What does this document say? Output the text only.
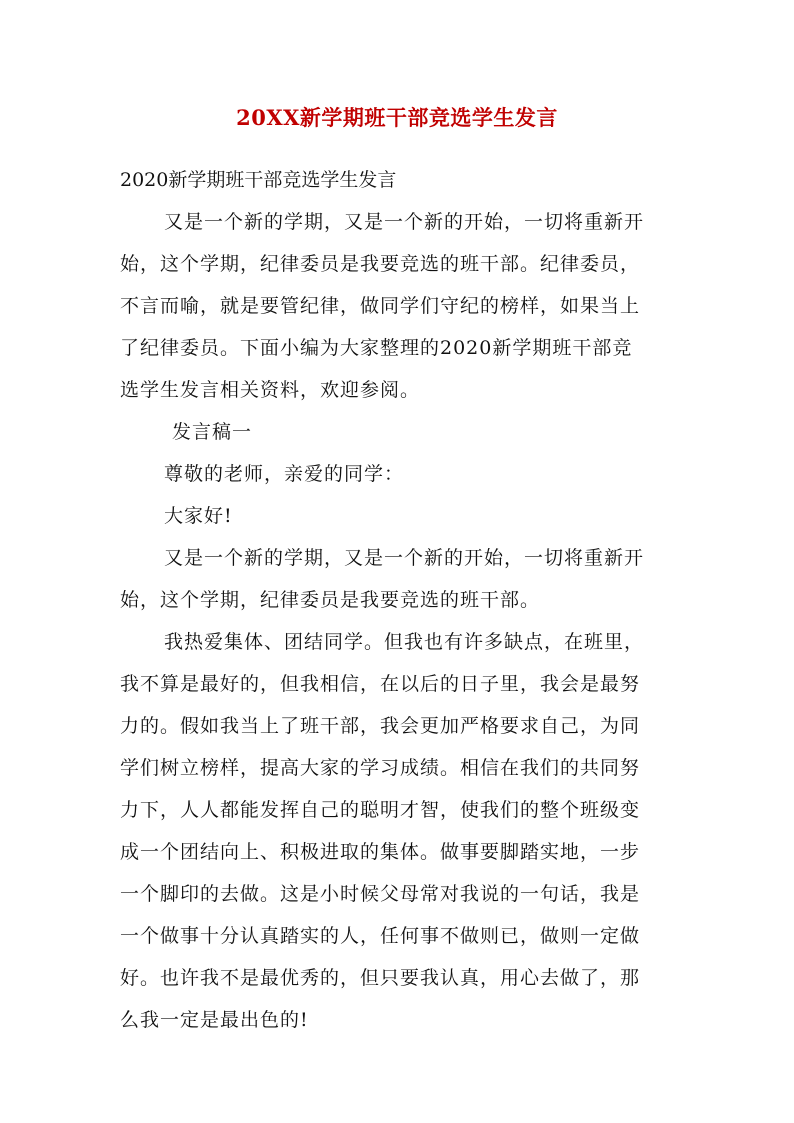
20XX新学期班干部竞选学生发言
2020新学期班干部竞选学生发言
又是一个新的学期，又是一个新的开始，一切将重新开
始，这个学期，纪律委员是我要竞选的班干部。纪律委员，
不言而喻，就是要管纪律，做同学们守纪的榜样，如果当上
了纪律委员。下面小编为大家整理的2020新学期班干部竞
选学生发言相关资料，欢迎参阅。
发言稿一
尊敬的老师，亲爱的同学：
大家好!
又是一个新的学期，又是一个新的开始，一切将重新开
始，这个学期，纪律委员是我要竞选的班干部。
我热爱集体、团结同学。但我也有许多缺点，在班里，
我不算是最好的，但我相信，在以后的日子里，我会是最努
力的。假如我当上了班干部，我会更加严格要求自己，为同
学们树立榜样，提高大家的学习成绩。相信在我们的共同努
力下，人人都能发挥自己的聪明才智，使我们的整个班级变
成一个团结向上、积极进取的集体。做事要脚踏实地，一步
一个脚印的去做。这是小时候父母常对我说的一句话，我是
一个做事十分认真踏实的人，任何事不做则已，做则一定做
好。也许我不是最优秀的，但只要我认真，用心去做了，那
么我一定是最出色的!
